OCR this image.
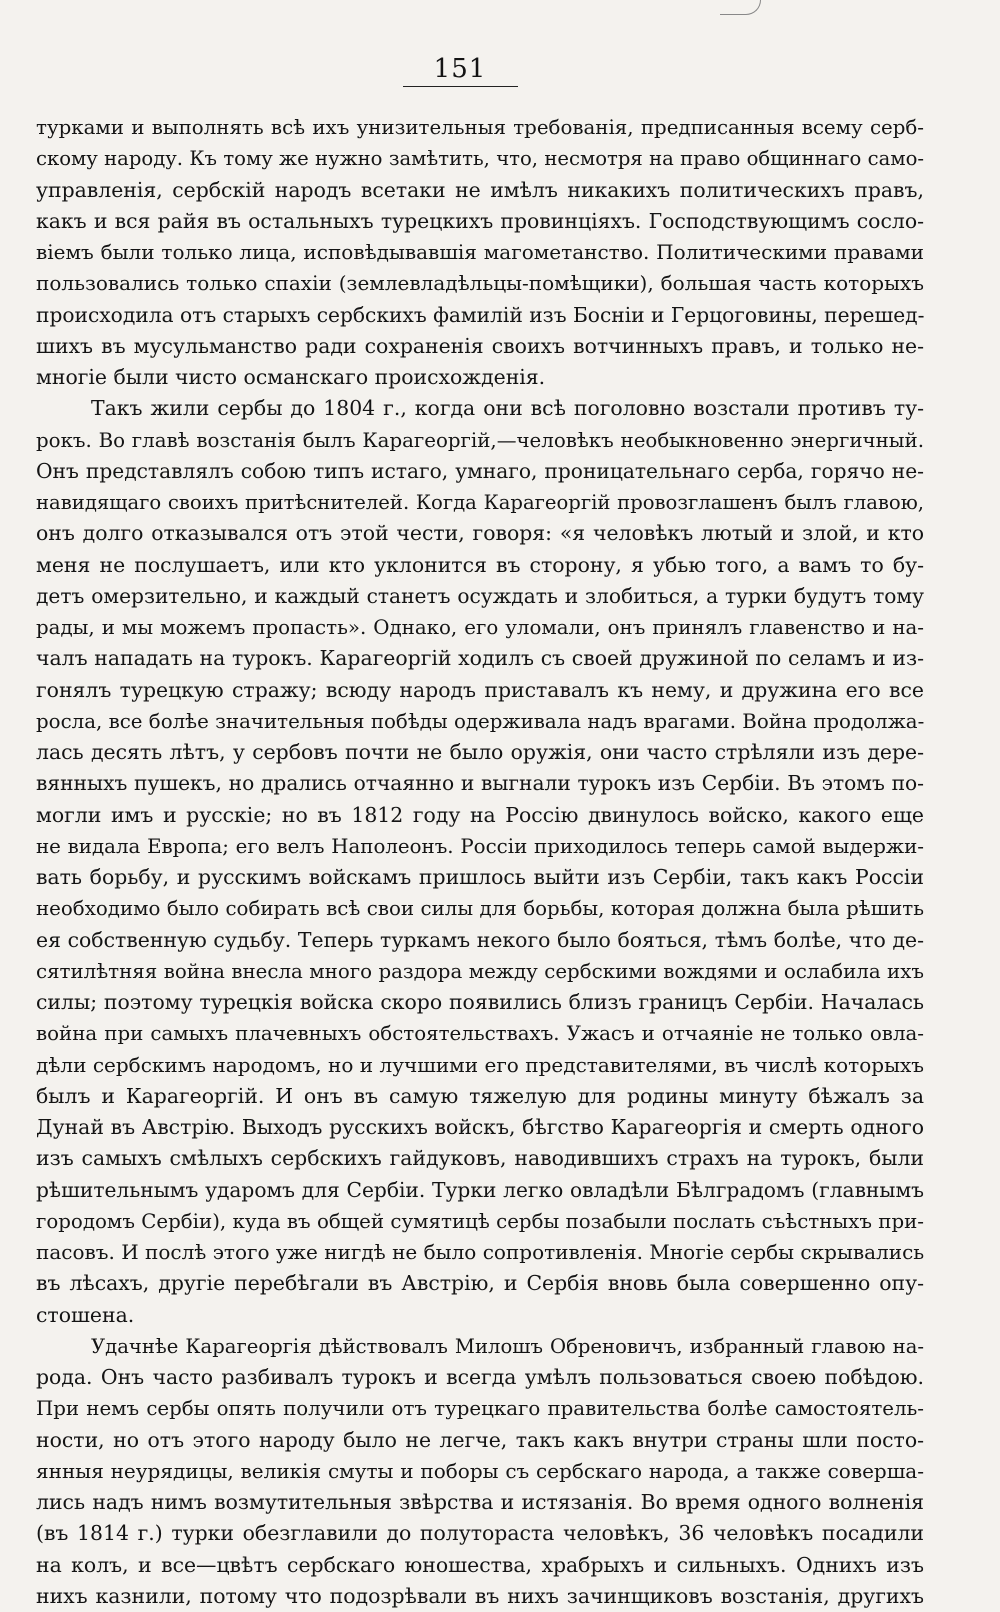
151
турками и выполнять всѣ ихъ унизительныя требованія, предписанныя всему серб-
скому народу. Къ тому же нужно замѣтить, что, несмотря на право общиннаго само-
управленія, сербскій народъ всетаки не имѣлъ никакихъ политическихъ правъ,
какъ и вся райя въ остальныхъ турецкихъ провинціяхъ. Господствующимъ сосло-
віемъ были только лица, исповѣдывавшія магометанство. Политическими правами
пользовались только спахіи (землевладѣльцы-помѣщики), большая часть которыхъ
происходила отъ старыхъ сербскихъ фамилій изъ Босніи и Герцоговины, перешед-
шихъ въ мусульманство ради сохраненія своихъ вотчинныхъ правъ, и только не-
многіе были чисто османскаго происхожденія.
Такъ жили сербы до 1804 г., когда они всѣ поголовно возстали противъ ту-
рокъ. Во главѣ возстанія былъ Карагеоргій,—человѣкъ необыкновенно энергичный.
Онъ представлялъ собою типъ истаго, умнаго, проницательнаго серба, горячо не-
навидящаго своихъ притѣснителей. Когда Карагеоргій провозглашенъ былъ главою,
онъ долго отказывался отъ этой чести, говоря: «я человѣкъ лютый и злой, и кто
меня не послушаетъ, или кто уклонится въ сторону, я убью того, а вамъ то бу-
детъ омерзительно, и каждый станетъ осуждать и злобиться, а турки будутъ тому
рады, и мы можемъ пропасть». Однако, его уломали, онъ принялъ главенство и на-
чалъ нападать на турокъ. Карагеоргій ходилъ съ своей дружиной по селамъ и из-
гонялъ турецкую стражу; всюду народъ приставалъ къ нему, и дружина его все
росла, все болѣе значительныя побѣды одерживала надъ врагами. Война продолжа-
лась десять лѣтъ, у сербовъ почти не было оружія, они часто стрѣляли изъ дере-
вянныхъ пушекъ, но дрались отчаянно и выгнали турокъ изъ Сербіи. Въ этомъ по-
могли имъ и русскіе; но въ 1812 году на Россію двинулось войско, какого еще
не видала Европа; его велъ Наполеонъ. Россіи приходилось теперь самой выдержи-
вать борьбу, и русскимъ войскамъ пришлось выйти изъ Сербіи, такъ какъ Россіи
необходимо было собирать всѣ свои силы для борьбы, которая должна была рѣшить
ея собственную судьбу. Теперь туркамъ некого было бояться, тѣмъ болѣе, что де-
сятилѣтняя война внесла много раздора между сербскими вождями и ослабила ихъ
силы; поэтому турецкія войска скоро появились близъ границъ Сербіи. Началась
война при самыхъ плачевныхъ обстоятельствахъ. Ужасъ и отчаяніе не только овла-
дѣли сербскимъ народомъ, но и лучшими его представителями, въ числѣ которыхъ
былъ и Карагеоргій. И онъ въ самую тяжелую для родины минуту бѣжалъ за
Дунай въ Австрію. Выходъ русскихъ войскъ, бѣгство Карагеоргія и смерть одного
изъ самыхъ смѣлыхъ сербскихъ гайдуковъ, наводившихъ страхъ на турокъ, были
рѣшительнымъ ударомъ для Сербіи. Турки легко овладѣли Бѣлградомъ (главнымъ
городомъ Сербіи), куда въ общей сумятицѣ сербы позабыли послать съѣстныхъ при-
пасовъ. И послѣ этого уже нигдѣ не было сопротивленія. Многіе сербы скрывались
въ лѣсахъ, другіе перебѣгали въ Австрію, и Сербія вновь была совершенно опу-
стошена.
Удачнѣе Карагеоргія дѣйствовалъ Милошъ Обреновичъ, избранный главою на-
рода. Онъ часто разбивалъ турокъ и всегда умѣлъ пользоваться своею побѣдою.
При немъ сербы опять получили отъ турецкаго правительства болѣе самостоятель-
ности, но отъ этого народу было не легче, такъ какъ внутри страны шли посто-
янныя неурядицы, великія смуты и поборы съ сербскаго народа, а также соверша-
лись надъ нимъ возмутительныя звѣрства и истязанія. Во время одного волненія
(въ 1814 г.) турки обезглавили до полутораста человѣкъ, 36 человѣкъ посадили
на колъ, и все—цвѣтъ сербскаго юношества, храбрыхъ и сильныхъ. Однихъ изъ
нихъ казнили, потому что подозрѣвали въ нихъ зачинщиковъ возстанія, другихъ
